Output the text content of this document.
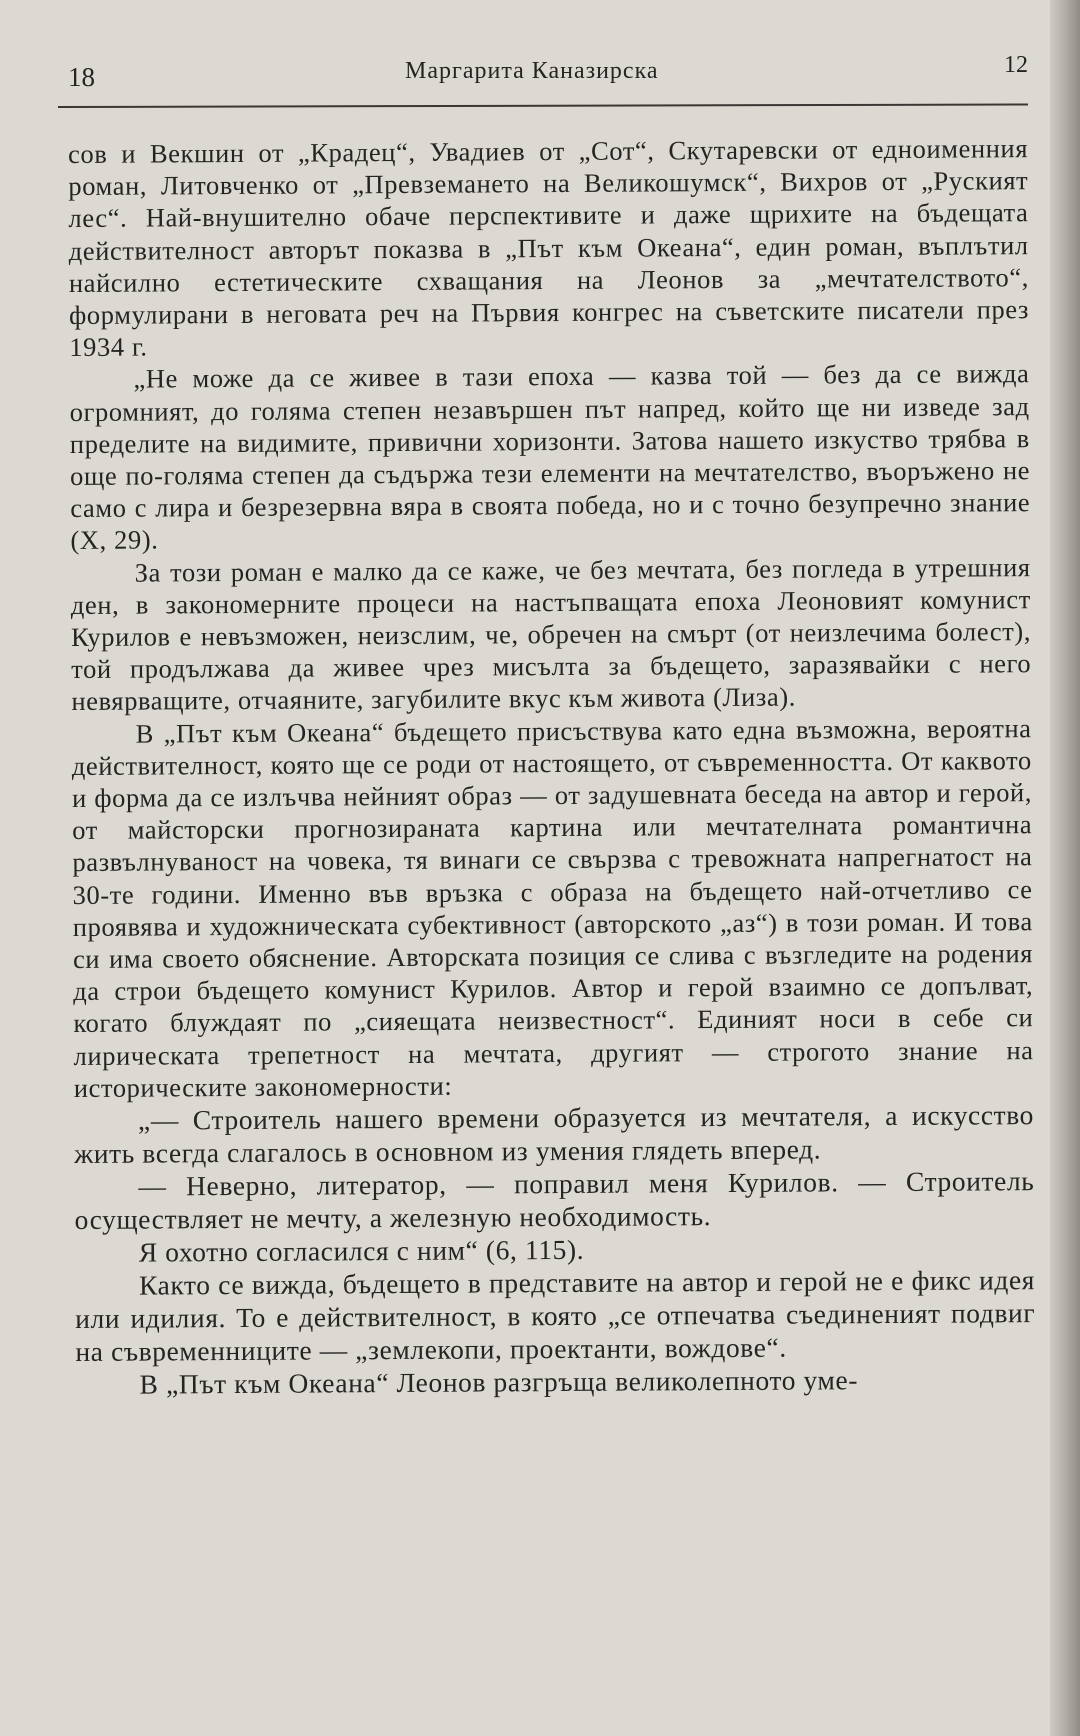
18	Маргарита Каназирска	12

сов и Векшин от „Крадец“, Увадиев от „Сот“, Скутаревски от едноименния роман, Литовченко от „Превземането на Великошумск“, Вихров от „Руският лес“. Най-внушително обаче перспективите и даже щрихите на бъдещата действителност авторът показва в „Път към Океана“, един роман, въплътил найсилно естетическите схващания на Леонов за „мечтателството“, формулирани в неговата реч на Първия конгрес на съветските писатели през 1934 г.

„Не може да се живее в тази епоха — казва той — без да се вижда огромният, до голяма степен незавършен път напред, който ще ни изведе зад пределите на видимите, привични хоризонти. Затова нашето изкуство трябва в още по-голяма степен да съдържа тези елементи на мечтателство, въоръжено не само с лира и безрезервна вяра в своята победа, но и с точно безупречно знание (Х, 29).

За този роман е малко да се каже, че без мечтата, без погледа в утрешния ден, в закономерните процеси на настъпващата епоха Леоновият комунист Курилов е невъзможен, неизслим, че, обречен на смърт (от неизлечима болест), той продължава да живее чрез мисълта за бъдещето, заразявайки с него невярващите, отчаяните, загубилите вкус към живота (Лиза).

В „Път към Океана“ бъдещето присъствува като една възможна, вероятна действителност, която ще се роди от настоящето, от съвременността. От каквото и форма да се излъчва нейният образ — от задушевната беседа на автор и герой, от майсторски прогнозираната картина или мечтателната романтична развълнуваност на човека, тя винаги се свързва с тревожната напрегнатост на 30-те години. Именно във връзка с образа на бъдещето най-отчетливо се проявява и художническата субективност (авторското „аз“) в този роман. И това си има своето обяснение. Авторската позиция се слива с възгледите на родения да строи бъдещето комунист Курилов. Автор и герой взаимно се допълват, когато блуждаят по „сияещата неизвестност“. Единият носи в себе си лирическата трепетност на мечтата, другият — строгото знание на историческите закономерности:

„— Строитель нашего времени образуется из мечтателя, а искусство жить всегда слагалось в основном из умения глядеть вперед.

— Неверно, литератор, — поправил меня Курилов. — Строитель осуществляет не мечту, а железную необходимость.

Я охотно согласился с ним“ (6, 115).

Както се вижда, бъдещето в представите на автор и герой не е фикс идея или идилия. То е действителност, в която „се отпечатва съединеният подвиг на съвременниците — „землекопи, проектанти, вождове“.

В „Път към Океана“ Леонов разгръща великолепното уме-
